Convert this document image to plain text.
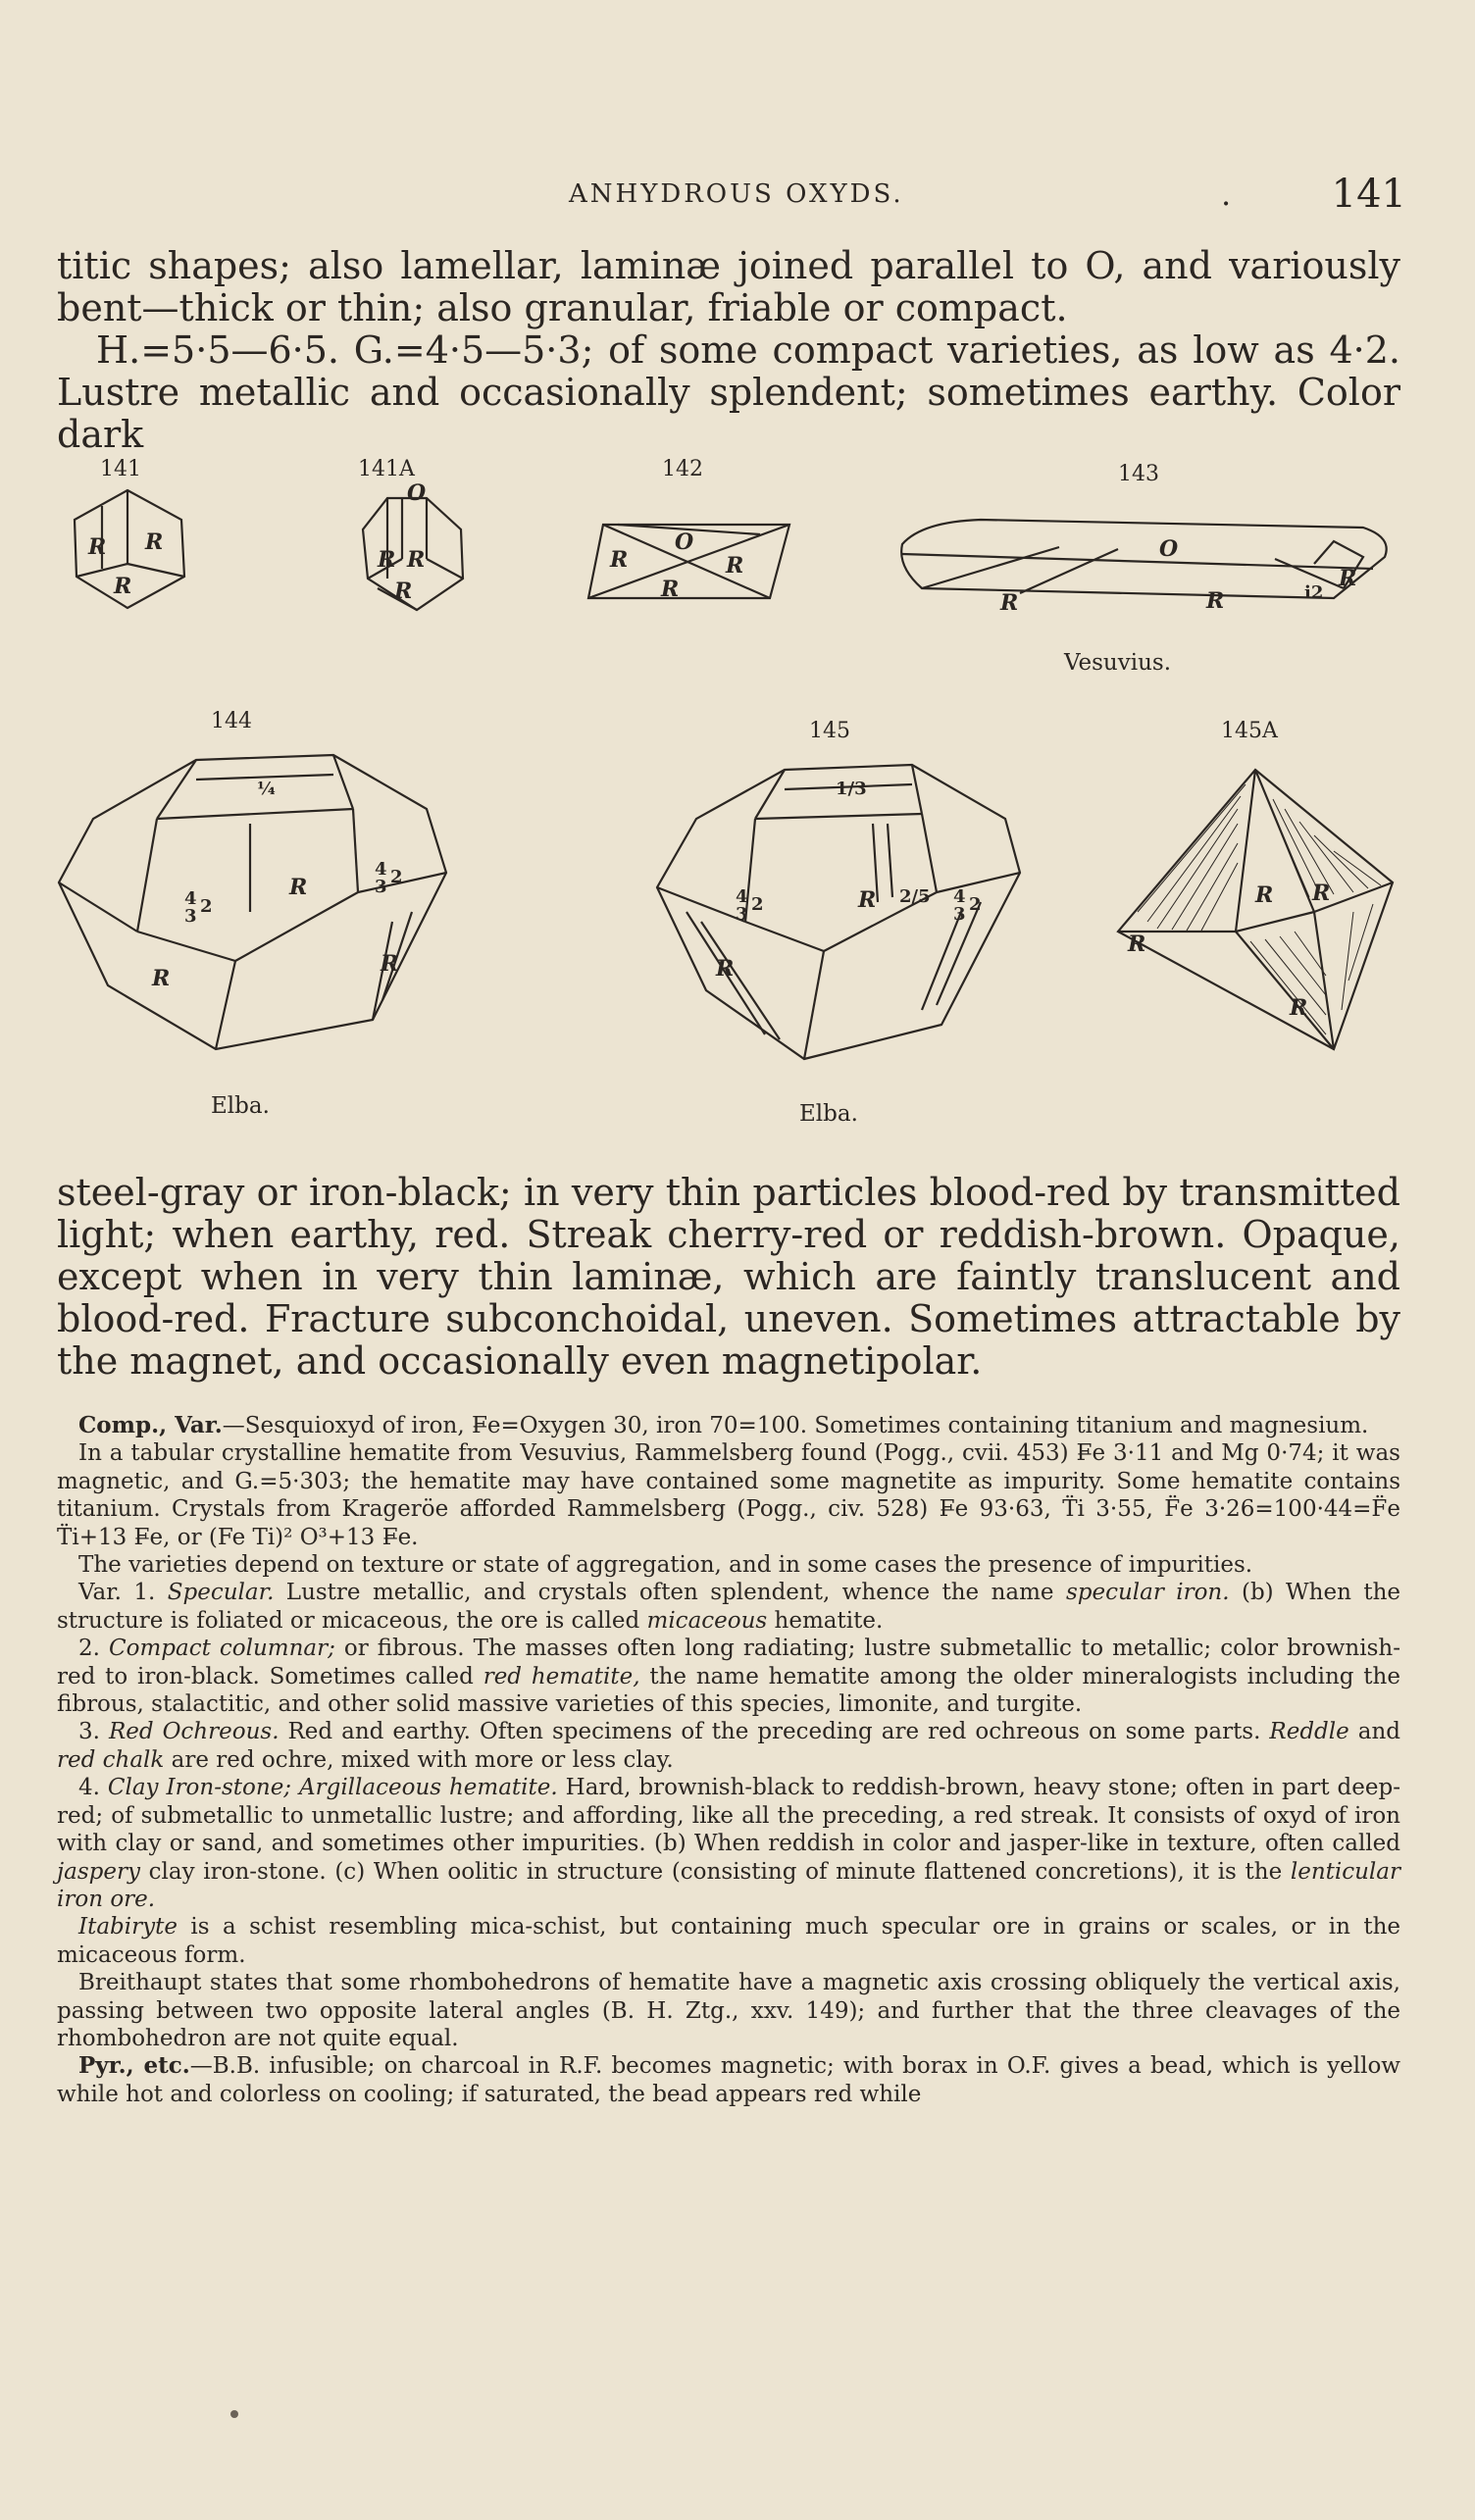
ANHYDROUS OXYDS.	.	141

titic shapes; also lamellar, laminæ joined parallel to O, and variously bent—thick or thin; also granular, friable or compact.

H.=5·5—6·5. G.=4·5—5·3; of some compact varieties, as low as 4·2. Lustre metallic and occasionally splendent; sometimes earthy. Color dark

141	141A	142	143
Vesuvius.
144
Elba.
145
Elba.
145A
R R
R
R R
R
O
R	R
R
O	O
R	R
R
i2
¼
4
3 2
4
3 2
R
R
R
1/3
4
3 2	R 2/5 4
3 2
R
R R
R
R

steel-gray or iron-black; in very thin particles blood-red by transmitted light; when earthy, red. Streak cherry-red or reddish-brown. Opaque, except when in very thin laminæ, which are faintly translucent and blood-red. Fracture subconchoidal, uneven. Sometimes attractable by the magnet, and occasionally even magnetipolar.

Comp., Var.—Sesquioxyd of iron, F̶e=Oxygen 30, iron 70=100. Sometimes containing titanium and magnesium.

In a tabular crystalline hematite from Vesuvius, Rammelsberg found (Pogg., cvii. 453) F̶e 3·11 and Mg 0·74; it was magnetic, and G.=5·303; the hematite may have contained some magnetite as impurity. Some hematite contains titanium. Crystals from Krageröe afforded Rammelsberg (Pogg., civ. 528) F̶e 93·63, T̈i 3·55, F̈e 3·26=100·44=F̈e T̈i+13 F̶e, or (Fe Ti)² O³+13 F̶e.

The varieties depend on texture or state of aggregation, and in some cases the presence of impurities.

Var. 1. Specular. Lustre metallic, and crystals often splendent, whence the name specular iron. (b) When the structure is foliated or micaceous, the ore is called micaceous hematite.

2. Compact columnar; or fibrous. The masses often long radiating; lustre submetallic to metallic; color brownish-red to iron-black. Sometimes called red hematite, the name hematite among the older mineralogists including the fibrous, stalactitic, and other solid massive varieties of this species, limonite, and turgite.

3. Red Ochreous. Red and earthy. Often specimens of the preceding are red ochreous on some parts. Reddle and red chalk are red ochre, mixed with more or less clay.

4. Clay Iron-stone; Argillaceous hematite. Hard, brownish-black to reddish-brown, heavy stone; often in part deep-red; of submetallic to unmetallic lustre; and affording, like all the preceding, a red streak. It consists of oxyd of iron with clay or sand, and sometimes other impurities. (b) When reddish in color and jasper-like in texture, often called jaspery clay iron-stone. (c) When oolitic in structure (consisting of minute flattened concretions), it is the lenticular iron ore.

Itabiryte is a schist resembling mica-schist, but containing much specular ore in grains or scales, or in the micaceous form.

Breithaupt states that some rhombohedrons of hematite have a magnetic axis crossing obliquely the vertical axis, passing between two opposite lateral angles (B. H. Ztg., xxv. 149); and further that the three cleavages of the rhombohedron are not quite equal.

Pyr., etc.—B.B. infusible; on charcoal in R.F. becomes magnetic; with borax in O.F. gives a bead, which is yellow while hot and colorless on cooling; if saturated, the bead appears red while
